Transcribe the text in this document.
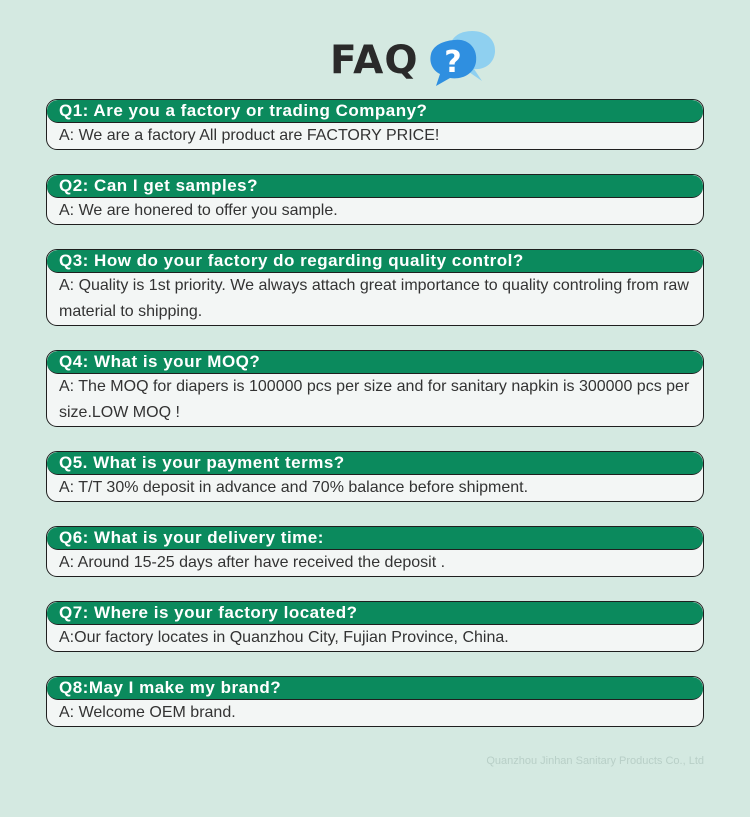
FAQ ?
Q1: Are you a factory or trading Company?
A: We are a factory All product are FACTORY PRICE!
Q2: Can I get samples?
A: We are honered to offer you sample.
Q3: How do your factory do regarding quality control?
A: Quality is 1st priority. We always attach great importance to quality controling from raw material to shipping.
Q4: What is your MOQ?
A: The MOQ for diapers is 100000 pcs per size and for sanitary napkin is 300000 pcs per size.LOW MOQ !
Q5. What is your payment terms?
A: T/T 30% deposit in advance and 70% balance before shipment.
Q6: What is your delivery time:
A: Around 15-25 days after have received the deposit .
Q7: Where is your factory located?
A:Our factory locates in Quanzhou City, Fujian Province, China.
Q8:May I make my brand?
A: Welcome OEM brand.
Quanzhou Jinhan Sanitary Products Co., Ltd
